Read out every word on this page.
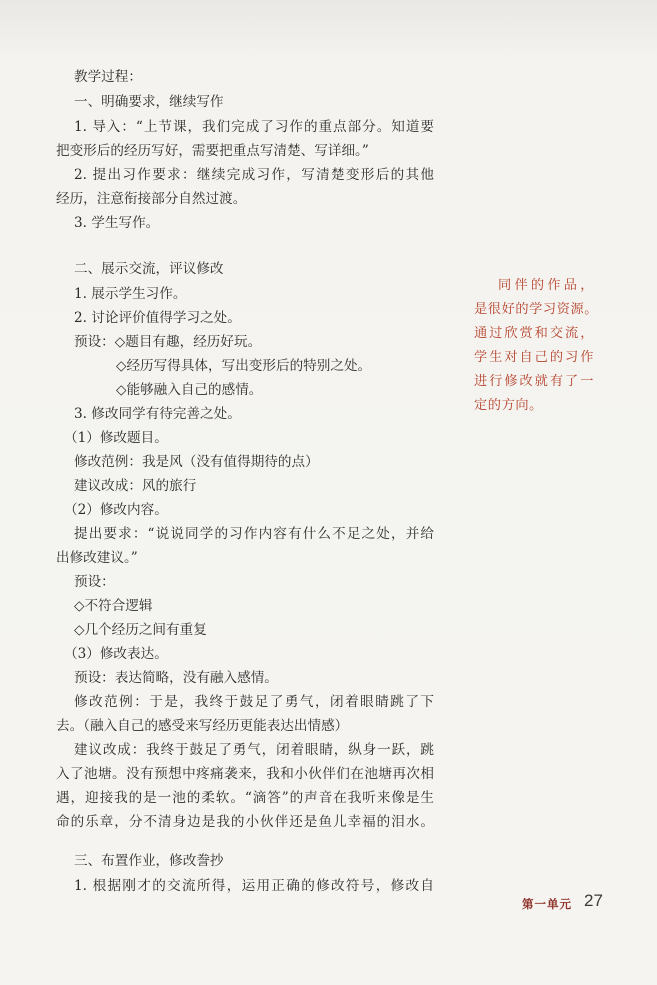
教学过程：
一、明确要求，继续写作
1. 导入：“上节课，我们完成了习作的重点部分。知道要
把变形后的经历写好，需要把重点写清楚、写详细。”
2. 提出习作要求：继续完成习作，写清楚变形后的其他
经历，注意衔接部分自然过渡。
3. 学生写作。
二、展示交流，评议修改
1. 展示学生习作。
2. 讨论评价值得学习之处。
预设：◇题目有趣，经历好玩。
◇经历写得具体，写出变形后的特别之处。
◇能够融入自己的感情。
3. 修改同学有待完善之处。
（1）修改题目。
修改范例：我是风（没有值得期待的点）
建议改成：风的旅行
（2）修改内容。
提出要求：“说说同学的习作内容有什么不足之处，并给
出修改建议。”
预设：
◇不符合逻辑
◇几个经历之间有重复
（3）修改表达。
预设：表达简略，没有融入感情。
修改范例：于是，我终于鼓足了勇气，闭着眼睛跳了下
去。（融入自己的感受来写经历更能表达出情感）
建议改成：我终于鼓足了勇气，闭着眼睛，纵身一跃，跳
入了池塘。没有预想中疼痛袭来，我和小伙伴们在池塘再次相
遇，迎接我的是一池的柔软。“滴答”的声音在我听来像是生
命的乐章，分不清身边是我的小伙伴还是鱼儿幸福的泪水。
三、布置作业，修改誊抄
1. 根据刚才的交流所得，运用正确的修改符号，修改自
同伴的作品，
是很好的学习资源。
通过欣赏和交流，
学生对自己的习作
进行修改就有了一
定的方向。
第一单元 27
